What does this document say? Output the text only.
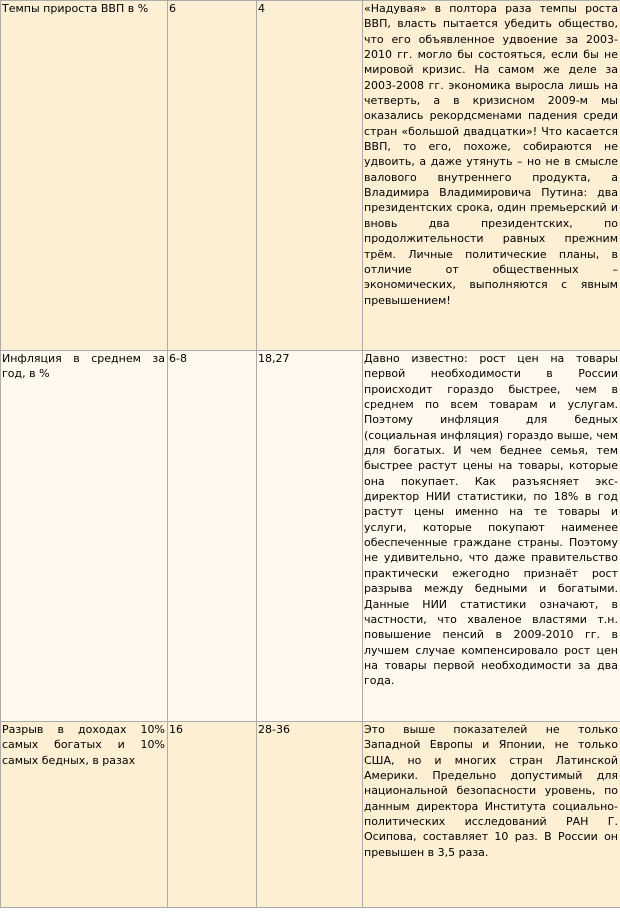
Темпы прироста ВВП в %	6	4	«Надувая» в полтора раза темпы роста ВВП, власть пытается убедить общество, что его объявленное удвоение за 2003-2010 гг. могло бы состояться, если бы не мировой кризис. На самом же деле за 2003-2008 гг. экономика выросла лишь на четверть, а в кризисном 2009-м мы оказались рекордсменами падения среди стран «большой двадцатки»! Что касается ВВП, то его, похоже, собираются не удвоить, а даже утянуть – но не в смысле валового внутреннего продукта, а Владимира Владимировича Путина: два президентских срока, один премьерский и вновь два президентских, по продолжительности равных прежним трём. Личные политические планы, в отличие от общественных – экономических, выполняются с явным превышением!
Инфляция в среднем за год, в %	6-8	18,27	Давно известно: рост цен на товары первой необходимости в России происходит гораздо быстрее, чем в среднем по всем товарам и услугам. Поэтому инфляция для бедных (социальная инфляция) гораздо выше, чем для богатых. И чем беднее семья, тем быстрее растут цены на товары, которые она покупает. Как разъясняет экс-директор НИИ статистики, по 18% в год растут цены именно на те товары и услуги, которые покупают наименее обеспеченные граждане страны. Поэтому не удивительно, что даже правительство практически ежегодно признаёт рост разрыва между бедными и богатыми. Данные НИИ статистики означают, в частности, что хваленое властями т.н. повышение пенсий в 2009-2010 гг. в лучшем случае компенсировало рост цен на товары первой необходимости за два года.
Разрыв в доходах 10% самых богатых и 10% самых бедных, в разах	16	28-36	Это выше показателей не только Западной Европы и Японии, не только США, но и многих стран Латинской Америки. Предельно допустимый для национальной безопасности уровень, по данным директора Института социально-политических исследований РАН Г. Осипова, составляет 10 раз. В России он превышен в 3,5 раза.
